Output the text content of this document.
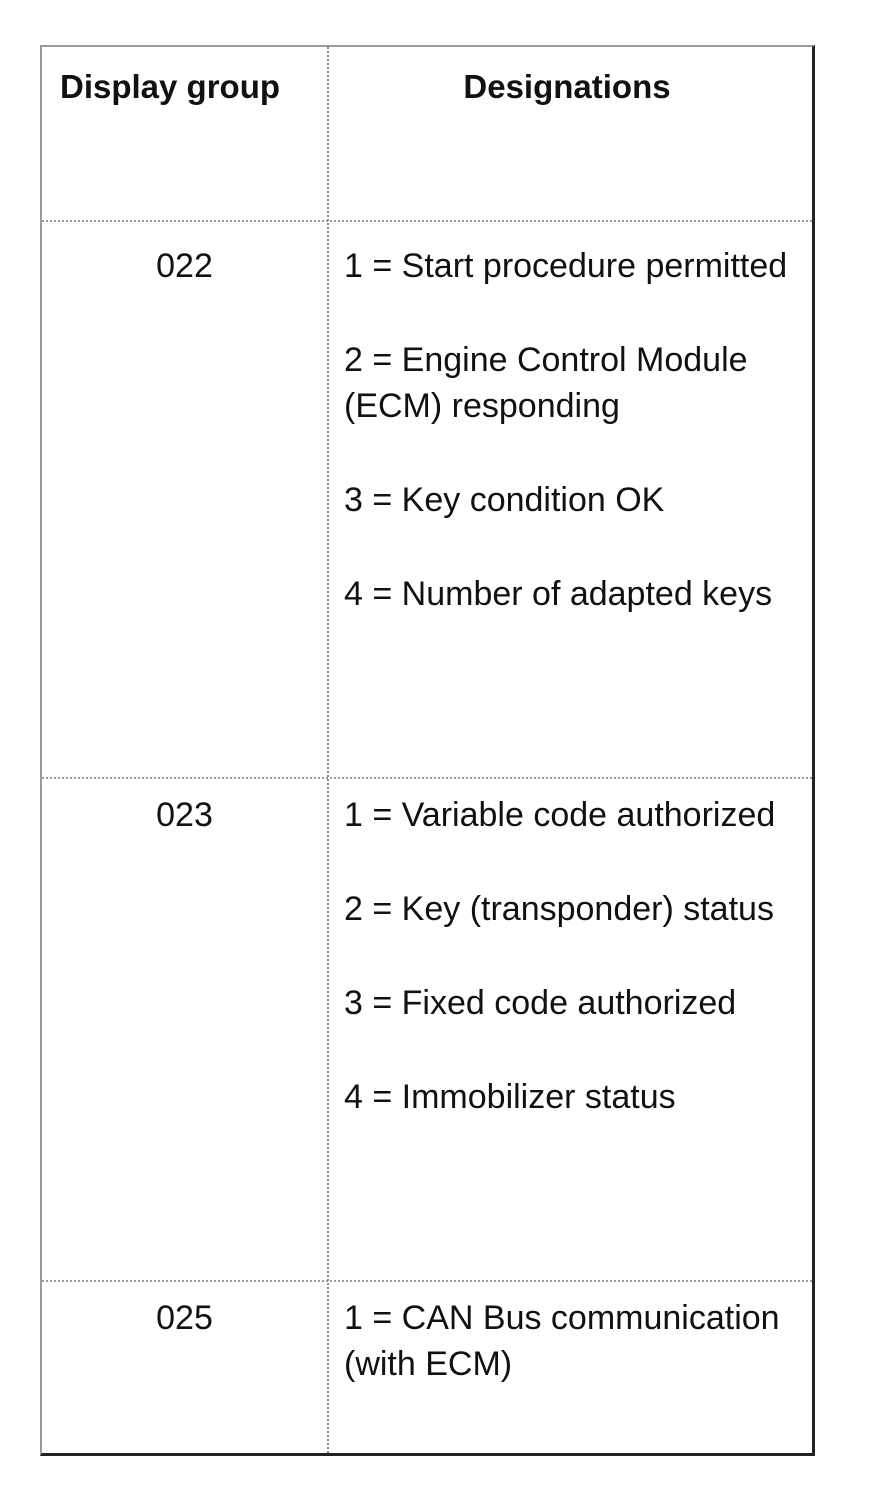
Display group	Designations
022	1 = Start procedure permitted
2 = Engine Control Module (ECM) responding
3 = Key condition OK
4 = Number of adapted keys
023	1 = Variable code authorized
2 = Key (transponder) status
3 = Fixed code authorized
4 = Immobilizer status
025	1 = CAN Bus communication (with ECM)
